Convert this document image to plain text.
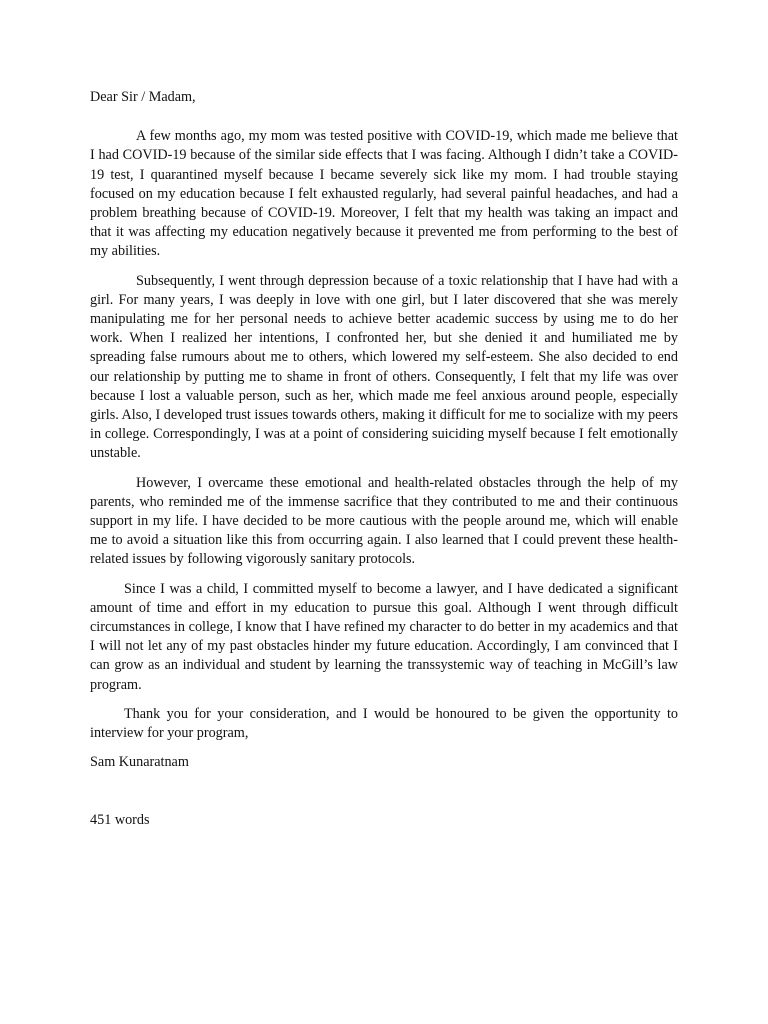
Dear Sir / Madam,

A few months ago, my mom was tested positive with COVID-19, which made me believe that I had COVID-19 because of the similar side effects that I was facing. Although I didn’t take a COVID-19 test, I quarantined myself because I became severely sick like my mom. I had trouble staying focused on my education because I felt exhausted regularly, had several painful headaches, and had a problem breathing because of COVID-19. Moreover, I felt that my health was taking an impact and that it was affecting my education negatively because it prevented me from performing to the best of my abilities.

Subsequently, I went through depression because of a toxic relationship that I have had with a girl. For many years, I was deeply in love with one girl, but I later discovered that she was merely manipulating me for her personal needs to achieve better academic success by using me to do her work. When I realized her intentions, I confronted her, but she denied it and humiliated me by spreading false rumours about me to others, which lowered my self-esteem. She also decided to end our relationship by putting me to shame in front of others. Consequently, I felt that my life was over because I lost a valuable person, such as her, which made me feel anxious around people, especially girls. Also, I developed trust issues towards others, making it difficult for me to socialize with my peers in college. Correspondingly, I was at a point of considering suiciding myself because I felt emotionally unstable.

However, I overcame these emotional and health-related obstacles through the help of my parents, who reminded me of the immense sacrifice that they contributed to me and their continuous support in my life. I have decided to be more cautious with the people around me, which will enable me to avoid a situation like this from occurring again. I also learned that I could prevent these health-related issues by following vigorously sanitary protocols.

Since I was a child, I committed myself to become a lawyer, and I have dedicated a significant amount of time and effort in my education to pursue this goal. Although I went through difficult circumstances in college, I know that I have refined my character to do better in my academics and that I will not let any of my past obstacles hinder my future education. Accordingly, I am convinced that I can grow as an individual and student by learning the transsystemic way of teaching in McGill’s law program.

Thank you for your consideration, and I would be honoured to be given the opportunity to interview for your program,

Sam Kunaratnam

451 words
